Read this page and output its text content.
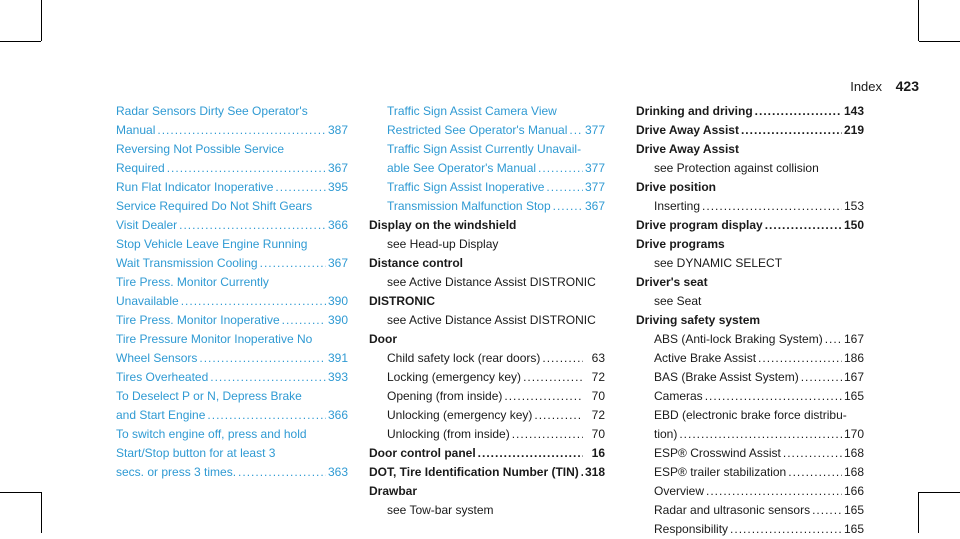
Index 423
Radar Sensors Dirty See Operator's
Manual .....	387
Reversing Not Possible Service
Required .....	367
Run Flat Indicator Inoperative .....	395
Service Required Do Not Shift Gears
Visit Dealer .....	366
Stop Vehicle Leave Engine Running
Wait Transmission Cooling .....	367
Tire Press. Monitor Currently
Unavailable .....	390
Tire Press. Monitor Inoperative .....	390
Tire Pressure Monitor Inoperative No
Wheel Sensors .....	391
Tires Overheated .....	393
To Deselect P or N, Depress Brake
and Start Engine .....	366
To switch engine off, press and hold
Start/Stop button for at least 3
secs. or press 3 times. .....	363
Traffic Sign Assist Camera View
Restricted See Operator's Manual ..... 377
Traffic Sign Assist Currently Unavail-
able See Operator's Manual .....	377
Traffic Sign Assist Inoperative .....	377
Transmission Malfunction Stop .....	367
Display on the windshield
see Head-up Display
Distance control
see Active Distance Assist DISTRONIC
DISTRONIC
see Active Distance Assist DISTRONIC
Door
Child safety lock (rear doors) .....	63
Locking (emergency key) .....	72
Opening (from inside) .....	70
Unlocking (emergency key) .....	72
Unlocking (from inside) .....	70
Door control panel .....	16
DOT, Tire Identification Number (TIN) ..... 318
Drawbar
see Tow-bar system
Drinking and driving .....	143
Drive Away Assist .....	219
Drive Away Assist
see Protection against collision
Drive position
Inserting .....	153
Drive program display .....	150
Drive programs
see DYNAMIC SELECT
Driver's seat
see Seat
Driving safety system
ABS (Anti-lock Braking System) ..... 167
Active Brake Assist .....	186
BAS (Brake Assist System) .....	167
Cameras .....	165
EBD (electronic brake force distribu-
tion) .....	170
ESP® Crosswind Assist .....	168
ESP® trailer stabilization .....	168
Overview .....	166
Radar and ultrasonic sensors .....	165
Responsibility .....	165
